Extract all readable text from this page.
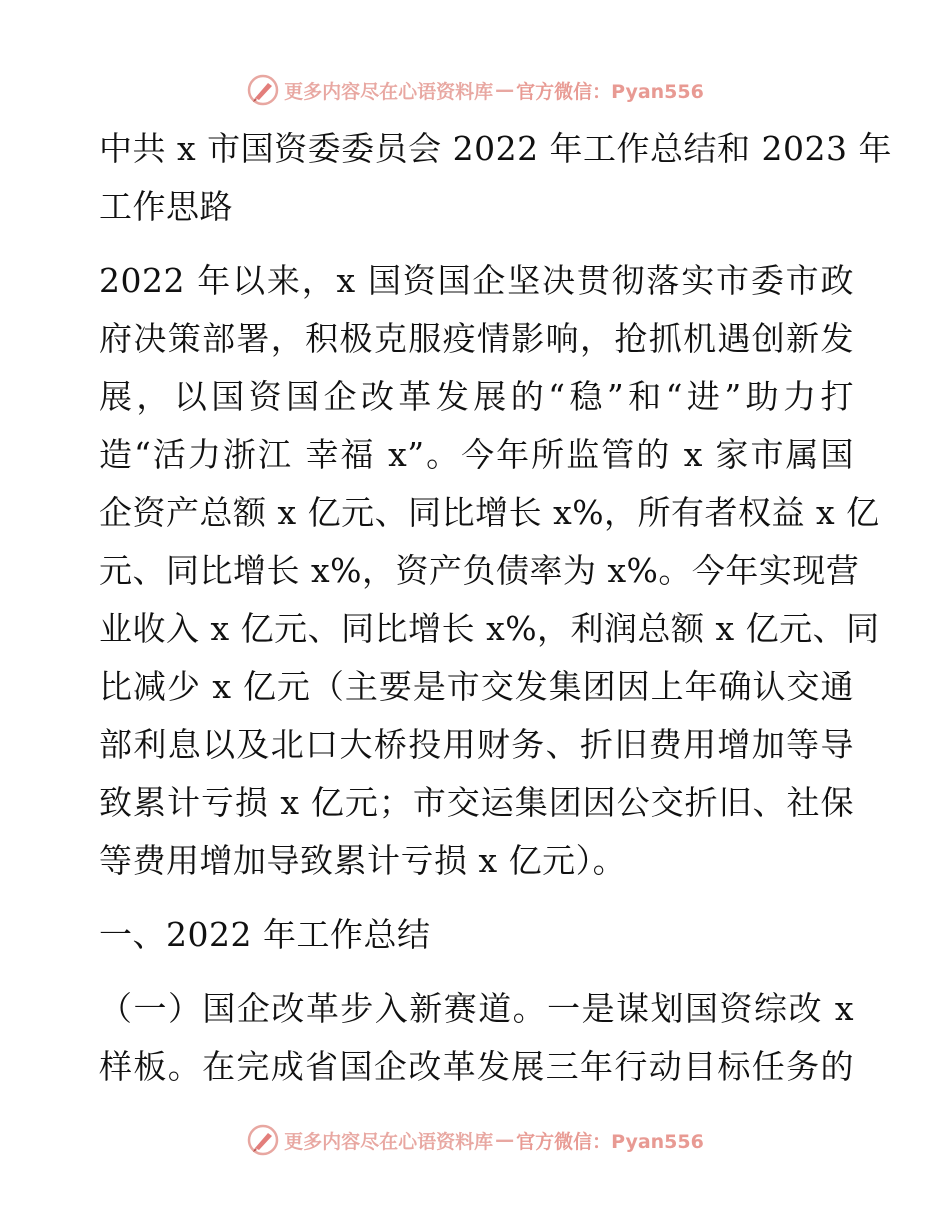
更多内容尽在心语资料库 — 官方微信：Pyan556
中共 x 市国资委委员会 2022 年工作总结和 2023 年
工作思路
2022 年以来，x 国资国企坚决贯彻落实市委市政
府决策部署，积极克服疫情影响，抢抓机遇创新发
展，以国资国企改革发展的“稳”和“进”助力打
造“活力浙江 幸福 x”。今年所监管的 x 家市属国
企资产总额 x 亿元、同比增长 x%，所有者权益 x 亿
元、同比增长 x%，资产负债率为 x%。今年实现营
业收入 x 亿元、同比增长 x%，利润总额 x 亿元、同
比减少 x 亿元（主要是市交发集团因上年确认交通
部利息以及北口大桥投用财务、折旧费用增加等导
致累计亏损 x 亿元；市交运集团因公交折旧、社保
等费用增加导致累计亏损 x 亿元）。
一、2022 年工作总结
（一）国企改革步入新赛道。一是谋划国资综改 x
样板。在完成省国企改革发展三年行动目标任务的
更多内容尽在心语资料库 — 官方微信：Pyan556
